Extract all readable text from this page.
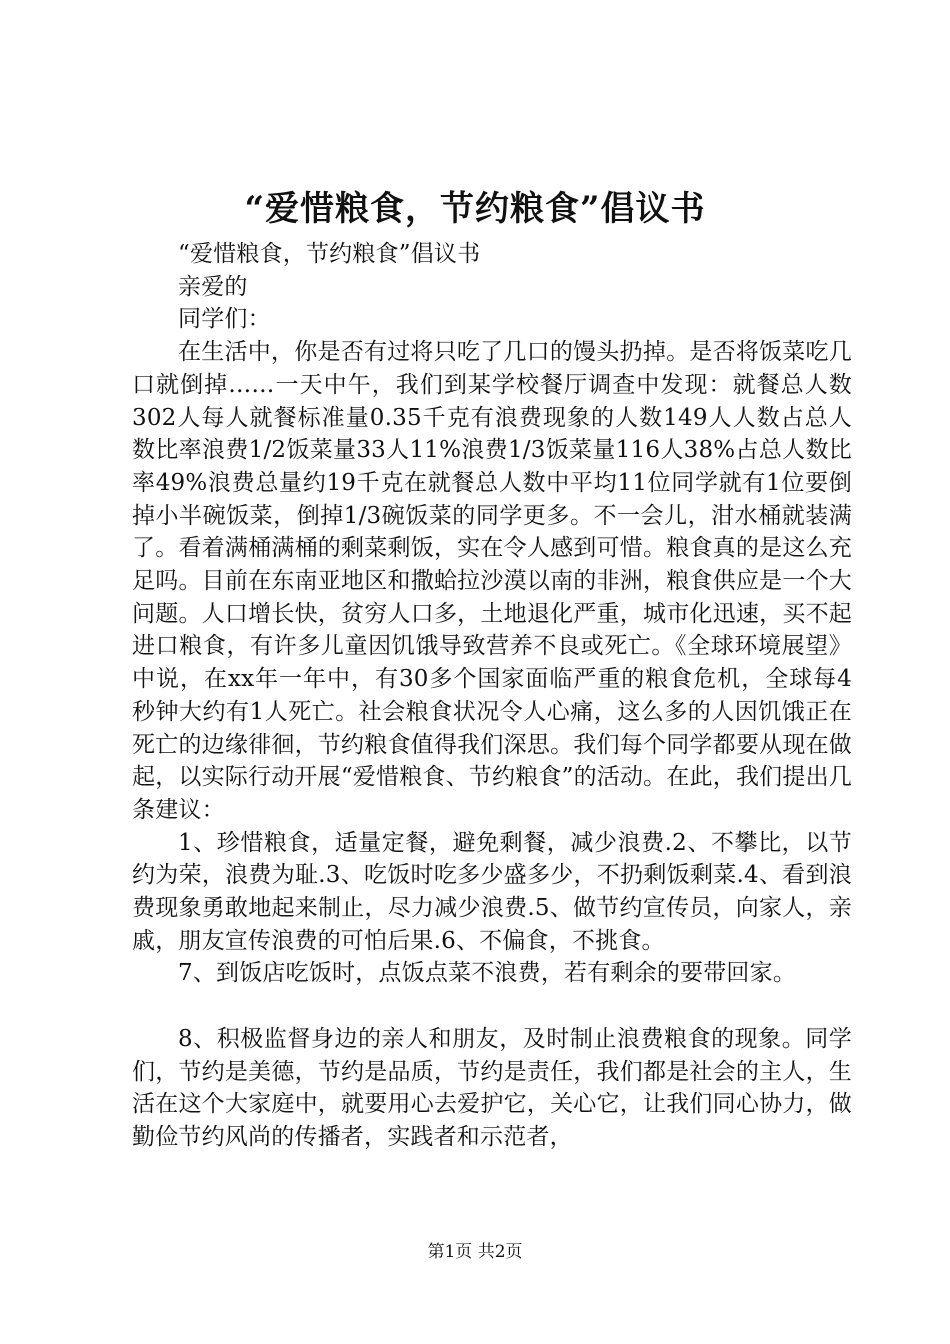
“爱惜粮食，节约粮食”倡议书

“爱惜粮食，节约粮食”倡议书

亲爱的

同学们：

在生活中，你是否有过将只吃了几口的馒头扔掉。是否将饭菜吃几口就倒掉……一天中午，我们到某学校餐厅调查中发现：就餐总人数302人每人就餐标准量0.35千克有浪费现象的人数149人人数占总人数比率浪费1/2饭菜量33人11%浪费1/3饭菜量116人38%占总人数比率49%浪费总量约19千克在就餐总人数中平均11位同学就有1位要倒掉小半碗饭菜，倒掉1/3碗饭菜的同学更多。不一会儿，泔水桶就装满了。看着满桶满桶的剩菜剩饭，实在令人感到可惜。粮食真的是这么充足吗。目前在东南亚地区和撒蛤拉沙漠以南的非洲，粮食供应是一个大问题。人口增长快，贫穷人口多，土地退化严重，城市化迅速，买不起进口粮食，有许多儿童因饥饿导致营养不良或死亡。《全球环境展望》中说，在xx年一年中，有30多个国家面临严重的粮食危机，全球每4秒钟大约有1人死亡。社会粮食状况令人心痛，这么多的人因饥饿正在死亡的边缘徘徊，节约粮食值得我们深思。我们每个同学都要从现在做起，以实际行动开展“爱惜粮食、节约粮食”的活动。在此，我们提出几条建议：

1、珍惜粮食，适量定餐，避免剩餐，减少浪费.2、不攀比，以节约为荣，浪费为耻.3、吃饭时吃多少盛多少，不扔剩饭剩菜.4、看到浪费现象勇敢地起来制止，尽力减少浪费.5、做节约宣传员，向家人，亲戚，朋友宣传浪费的可怕后果.6、不偏食，不挑食。

7、到饭店吃饭时，点饭点菜不浪费，若有剩余的要带回家。

8、积极监督身边的亲人和朋友，及时制止浪费粮食的现象。同学们，节约是美德，节约是品质，节约是责任，我们都是社会的主人，生活在这个大家庭中，就要用心去爱护它，关心它，让我们同心协力，做勤俭节约风尚的传播者，实践者和示范者，

第1页 共2页
